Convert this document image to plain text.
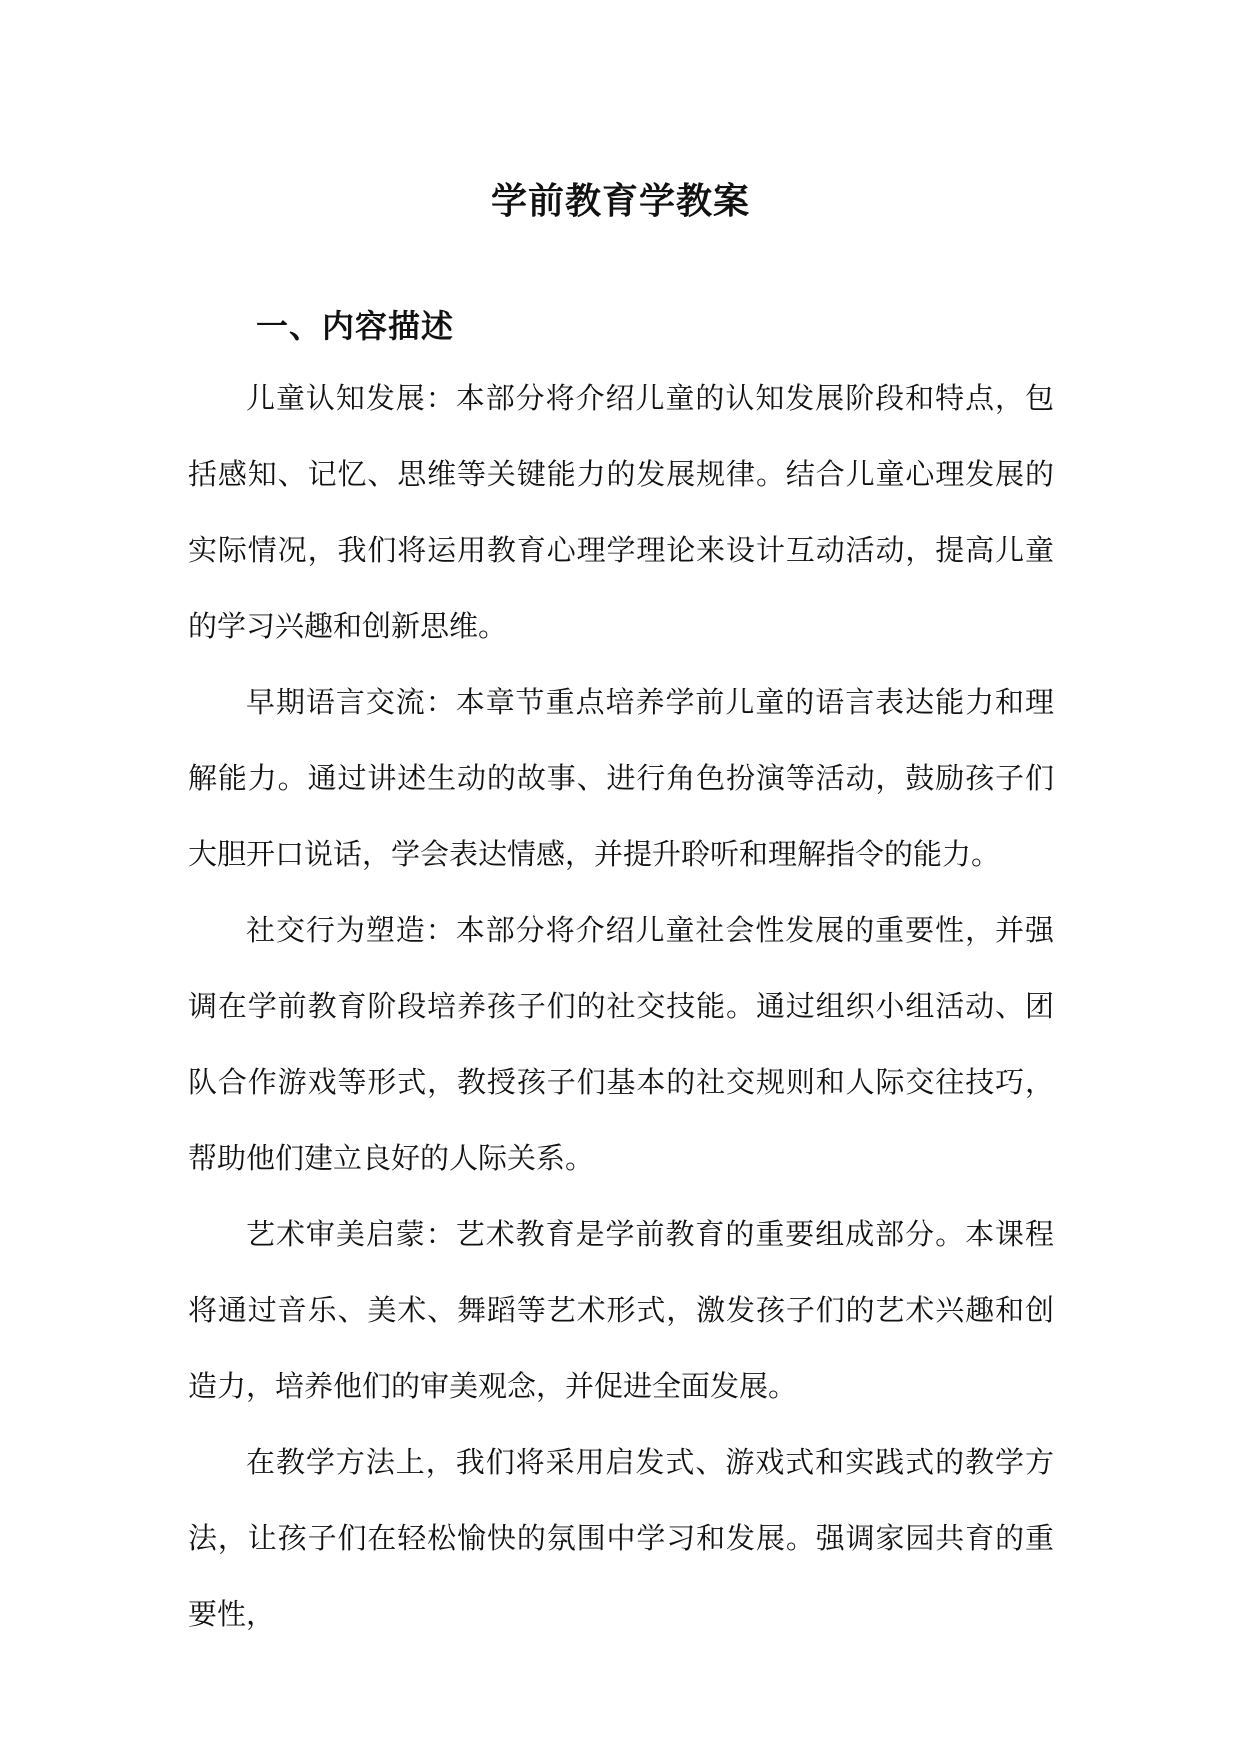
学前教育学教案
一、内容描述

儿童认知发展：本部分将介绍儿童的认知发展阶段和特点，包括感知、记忆、思维等关键能力的发展规律。结合儿童心理发展的实际情况，我们将运用教育心理学理论来设计互动活动，提高儿童的学习兴趣和创新思维。

早期语言交流：本章节重点培养学前儿童的语言表达能力和理解能力。通过讲述生动的故事、进行角色扮演等活动，鼓励孩子们大胆开口说话，学会表达情感，并提升聆听和理解指令的能力。

社交行为塑造：本部分将介绍儿童社会性发展的重要性，并强调在学前教育阶段培养孩子们的社交技能。通过组织小组活动、团队合作游戏等形式，教授孩子们基本的社交规则和人际交往技巧，帮助他们建立良好的人际关系。

艺术审美启蒙：艺术教育是学前教育的重要组成部分。本课程将通过音乐、美术、舞蹈等艺术形式，激发孩子们的艺术兴趣和创造力，培养他们的审美观念，并促进全面发展。

在教学方法上，我们将采用启发式、游戏式和实践式的教学方法，让孩子们在轻松愉快的氛围中学习和发展。强调家园共育的重要性，
